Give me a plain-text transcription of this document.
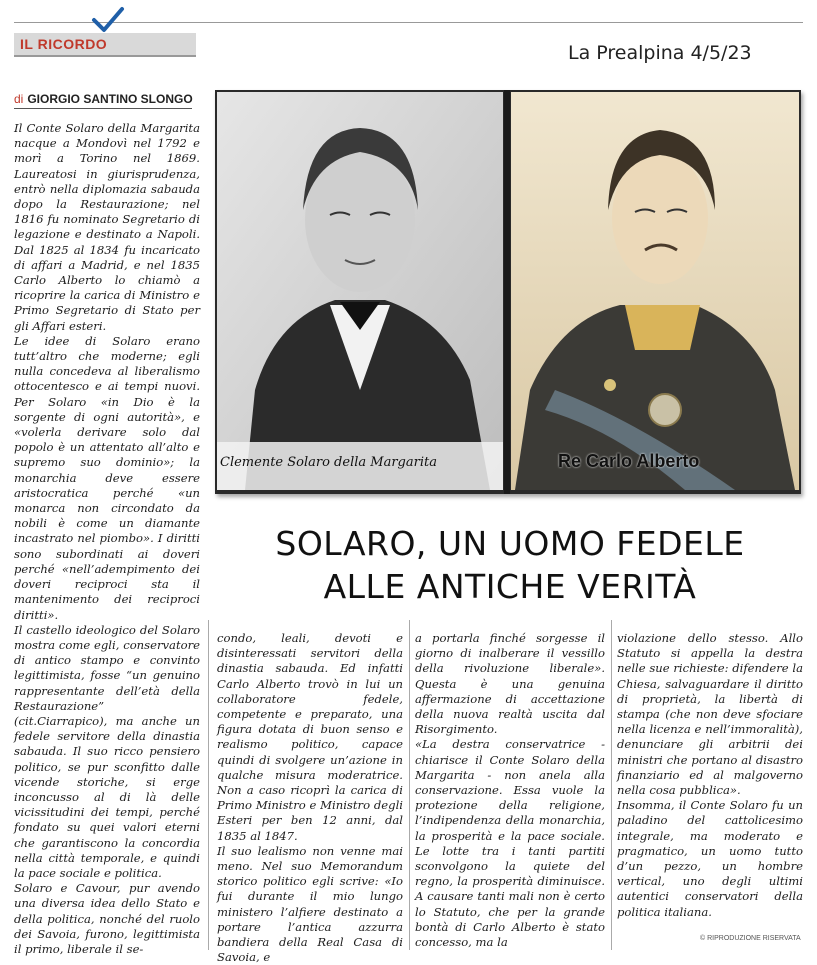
IL RICORDO	La Prealpina 4/5/23
di GIORGIO SANTINO SLONGO
Clemente Solaro della Margarita	Re Carlo Alberto
SOLARO, UN UOMO FEDELE
ALLE ANTICHE VERITÀ

Il Conte Solaro della Margarita nacque a Mondovì nel 1792 e morì a Torino nel 1869. Laureatosi in giurisprudenza, entrò nella diplomazia sabauda dopo la Restaurazione; nel 1816 fu nominato Segretario di legazione e destinato a Napoli. Dal 1825 al 1834 fu incaricato di affari a Madrid, e nel 1835 Carlo Alberto lo chiamò a ricoprire la carica di Ministro e Primo Segretario di Stato per gli Affari esteri.
Le idee di Solaro erano tutt’altro che moderne; egli nulla concedeva al liberalismo ottocentesco e ai tempi nuovi. Per Solaro «in Dio è la sorgente di ogni autorità», e «volerla derivare solo dal popolo è un attentato all’alto e supremo suo dominio»; la monarchia deve essere aristocratica perché «un monarca non circondato da nobili è come un diamante incastrato nel piombo». I diritti sono subordinati ai doveri perché «nell’adempimento dei doveri reciproci sta il mantenimento dei reciproci diritti».
Il castello ideologico del Solaro mostra come egli, conservatore di antico stampo e convinto legittimista, fosse “un genuino rappresentante dell’età della Restaurazione” (cit.Ciarrapico), ma anche un fedele servitore della dinastia sabauda. Il suo ricco pensiero politico, se pur sconfitto dalle vicende storiche, si erge inconcusso al di là delle vicissitudini dei tempi, perché fondato su quei valori eterni che garantiscono la concordia nella città temporale, e quindi la pace sociale e politica.
Solaro e Cavour, pur avendo una diversa idea dello Stato e della politica, nonché del ruolo dei Savoia, furono, legittimista il primo, liberale il se-

condo, leali, devoti e disinteressati servitori della dinastia sabauda. Ed infatti Carlo Alberto trovò in lui un collaboratore fedele, competente e preparato, una figura dotata di buon senso e realismo politico, capace quindi di svolgere un’azione in qualche misura moderatrice. Non a caso ricoprì la carica di Primo Ministro e Ministro degli Esteri per ben 12 anni, dal 1835 al 1847.
Il suo lealismo non venne mai meno. Nel suo Memorandum storico politico egli scrive: «Io fui durante il mio lungo ministero l’alfiere destinato a portare l’antica azzurra bandiera della Real Casa di Savoia, e

a portarla finché sorgesse il giorno di inalberare il vessillo della rivoluzione liberale». Questa è una genuina affermazione di accettazione della nuova realtà uscita dal Risorgimento.
«La destra conservatrice - chiarisce il Conte Solaro della Margarita - non anela alla conservazione. Essa vuole la protezione della religione, l’indipendenza della monarchia, la prosperità e la pace sociale. Le lotte tra i tanti partiti sconvolgono la quiete del regno, la prosperità diminuisce. A causare tanti mali non è certo lo Statuto, che per la grande bontà di Carlo Alberto è stato concesso, ma la

violazione dello stesso. Allo Statuto si appella la destra nelle sue richieste: difendere la Chiesa, salvaguardare il diritto di proprietà, la libertà di stampa (che non deve sfociare nella licenza e nell’immoralità), denunciare gli arbitrii dei ministri che portano al disastro finanziario ed al malgoverno nella cosa pubblica».
Insomma, il Conte Solaro fu un paladino del cattolicesimo integrale, ma moderato e pragmatico, un uomo tutto d’un pezzo, un hombre vertical, uno degli ultimi autentici conservatori della politica italiana.

© RIPRODUZIONE RISERVATA
